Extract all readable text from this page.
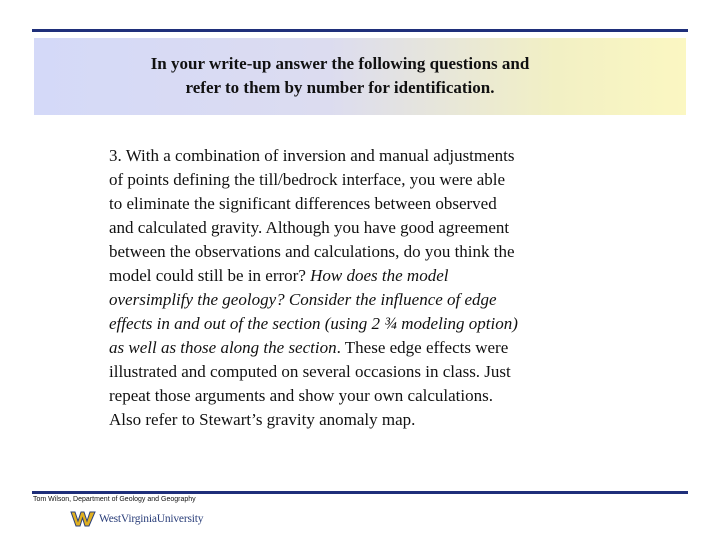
In your write-up answer the following questions and
refer to them by number for identification.
3. With a combination of inversion and manual adjustments
of points defining the till/bedrock interface, you were able
to eliminate the significant differences between observed
and calculated gravity. Although you have good agreement
between the observations and calculations, do you think the
model could still be in error? How does the model
oversimplify the geology? Consider the influence of edge
effects in and out of the section (using 2 ¾ modeling option)
as well as those along the section. These edge effects were
illustrated and computed on several occasions in class. Just
repeat those arguments and show your own calculations.
Also refer to Stewart’s gravity anomaly map.
Tom Wilson, Department of Geology and Geography
WestVirginiaUniversity
